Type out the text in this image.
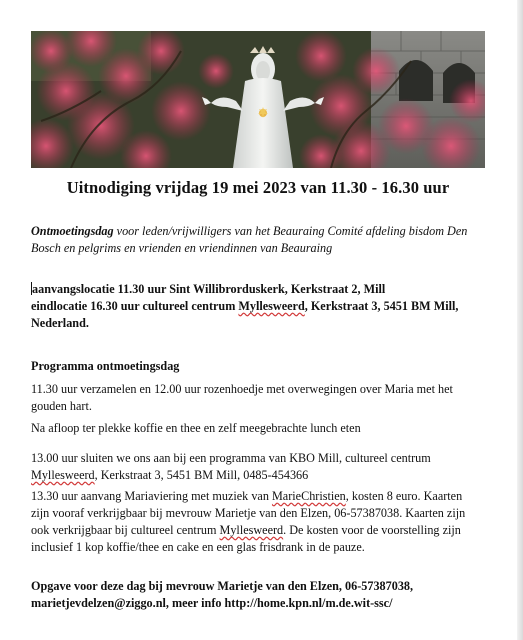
Uitnodiging vrijdag 19 mei 2023 van 11.30 - 16.30 uur
Ontmoetingsdag voor leden/vrijwilligers van het Beauraing Comité afdeling bisdom Den
Bosch en pelgrims en vrienden en vriendinnen van Beauraing
aanvangslocatie 11.30 uur Sint Willibrorduskerk, Kerkstraat 2, Mill
eindlocatie 16.30 uur cultureel centrum Myllesweerd, Kerkstraat 3, 5451 BM Mill,
Nederland.
Programma ontmoetingsdag
11.30 uur verzamelen en 12.00 uur rozenhoedje met overwegingen over Maria met het
gouden hart.
Na afloop ter plekke koffie en thee en zelf meegebrachte lunch eten
13.00 uur sluiten we ons aan bij een programma van KBO Mill, cultureel centrum
Myllesweerd, Kerkstraat 3, 5451 BM Mill, 0485-454366
13.30 uur aanvang Mariaviering met muziek van MarieChristien, kosten 8 euro. Kaarten
zijn vooraf verkrijgbaar bij mevrouw Marietje van den Elzen, 06-57387038. Kaarten zijn
ook verkrijgbaar bij cultureel centrum Myllesweerd. De kosten voor de voorstelling zijn
inclusief 1 kop koffie/thee en cake en een glas frisdrank in de pauze.
Opgave voor deze dag bij mevrouw Marietje van den Elzen, 06-57387038,
marietjevdelzen@ziggo.nl, meer info http://home.kpn.nl/m.de.wit-ssc/
